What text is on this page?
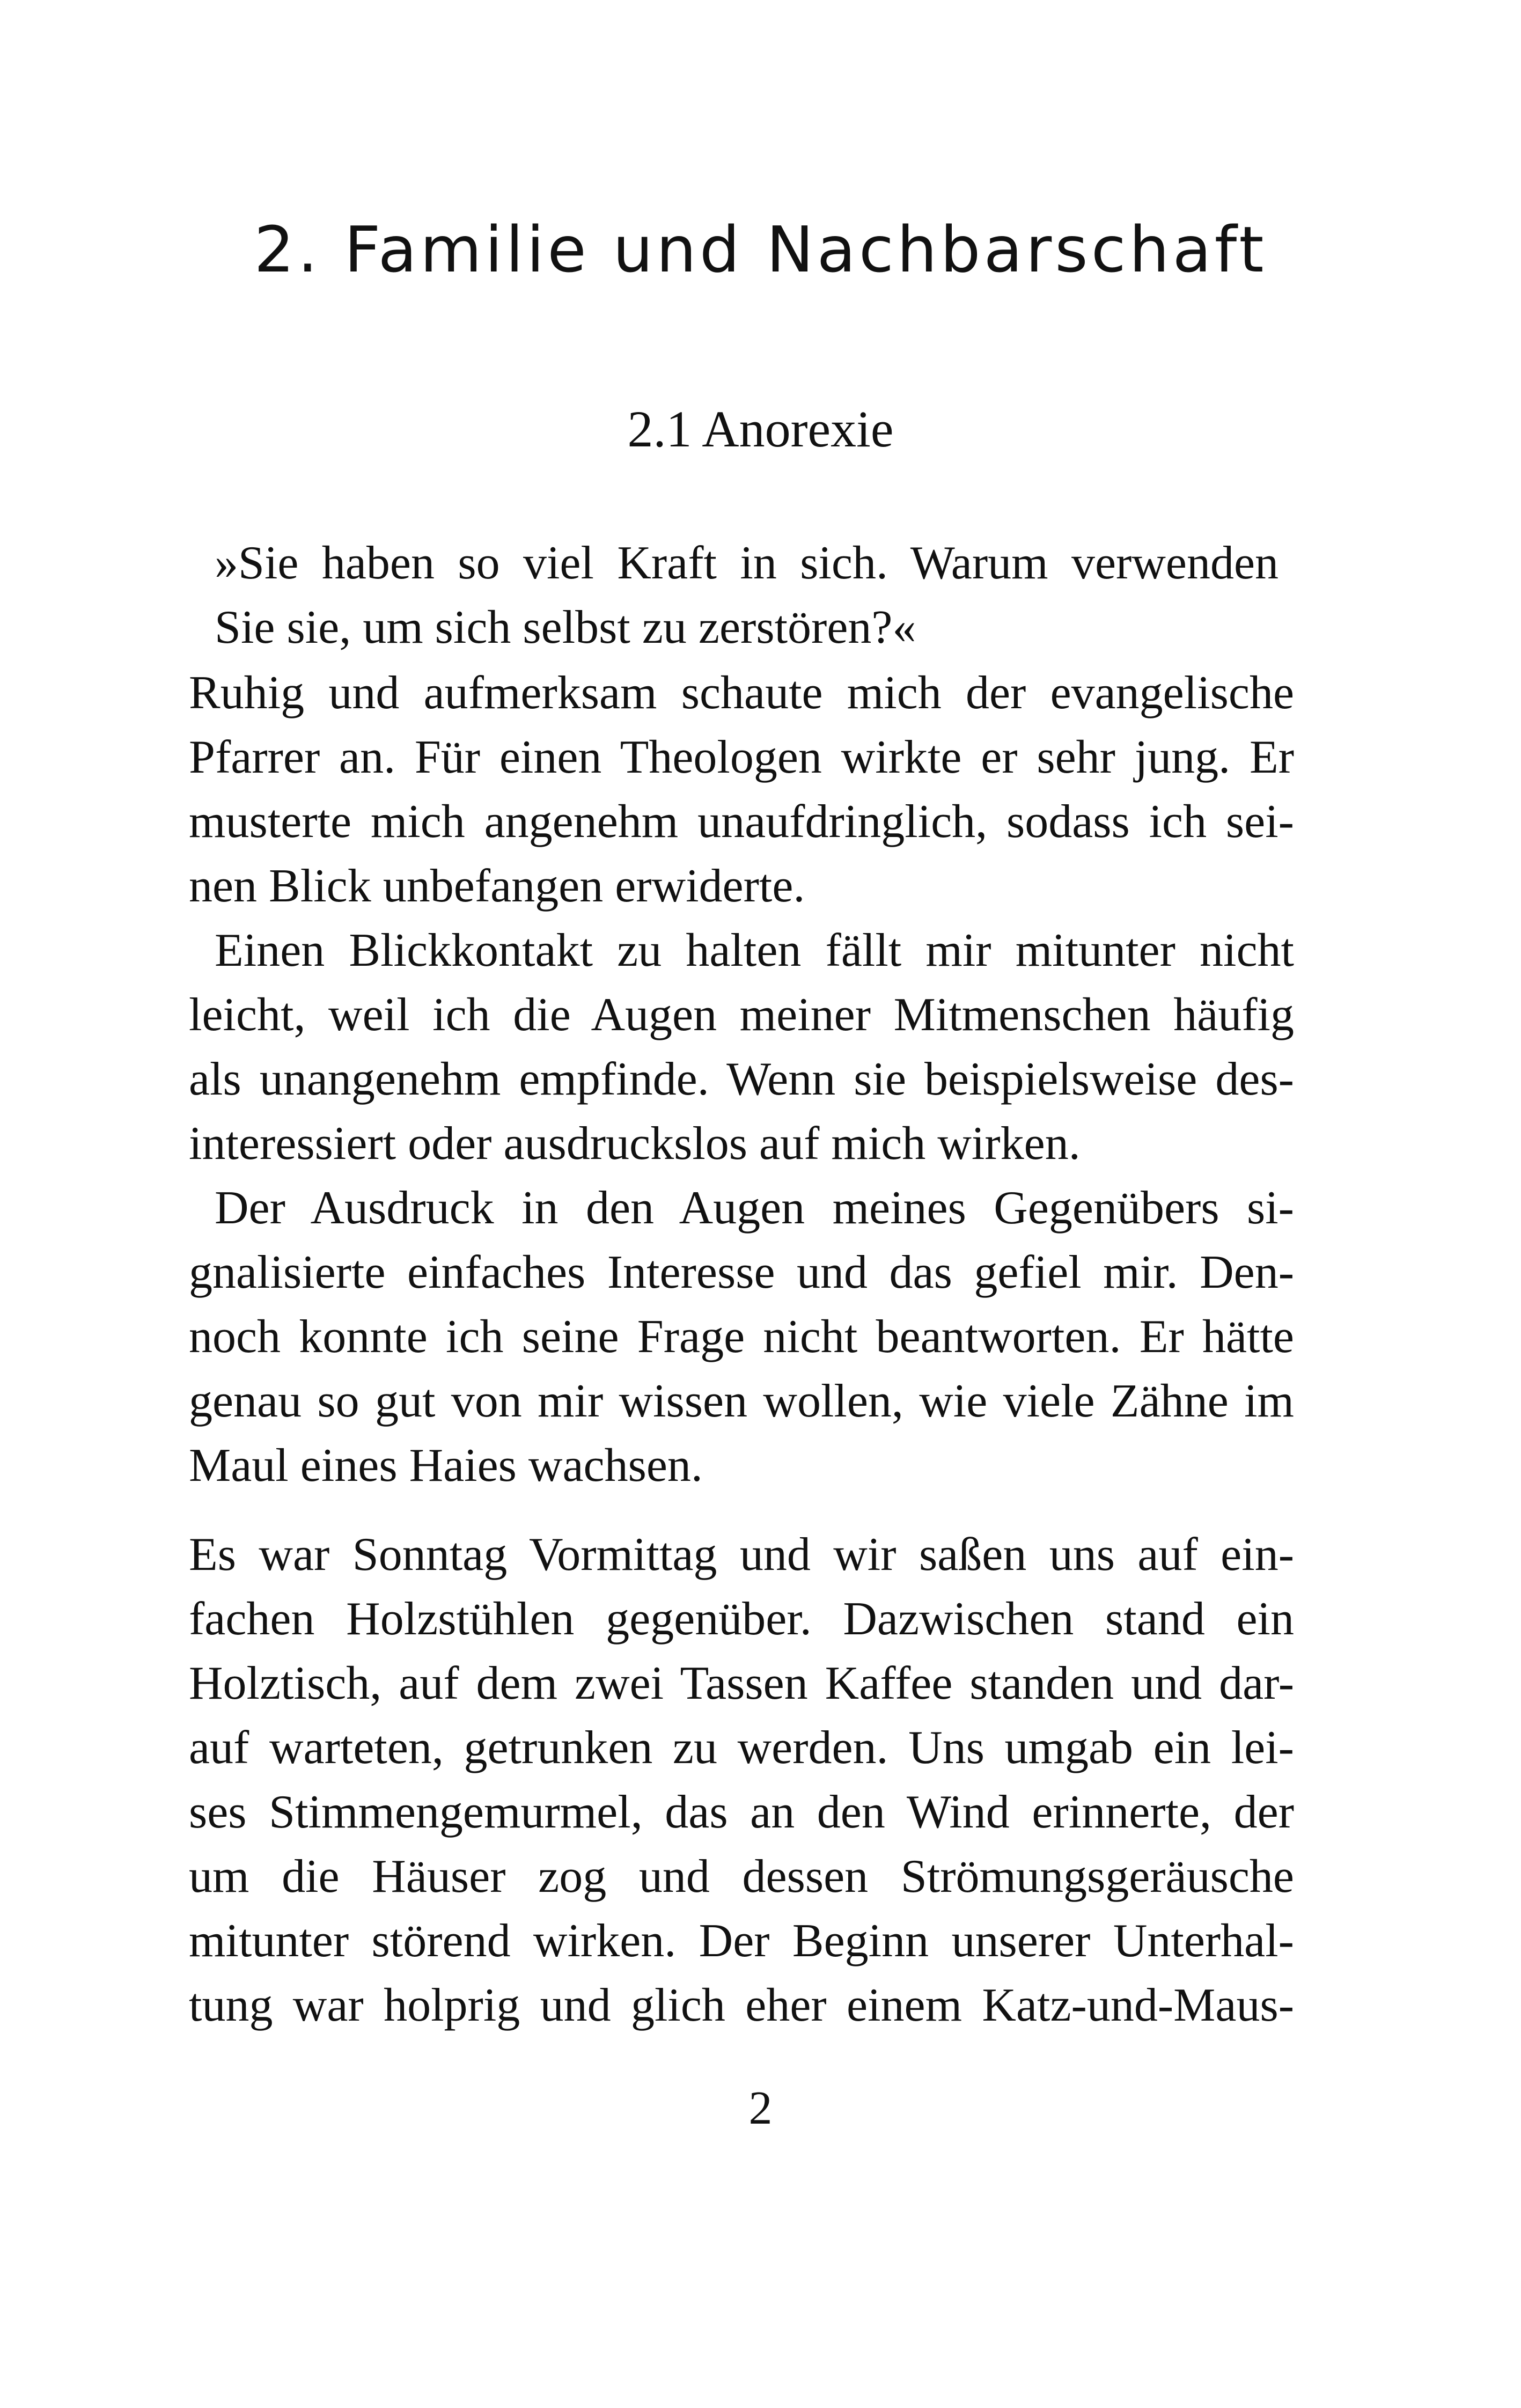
2. Familie und Nachbarschaft
2.1 Anorexie

»Sie haben so viel Kraft in sich. Warum verwenden

Sie sie, um sich selbst zu zerstören?«

Ruhig und aufmerksam schaute mich der evangelische

Pfarrer an. Für einen Theologen wirkte er sehr jung. Er

musterte mich angenehm unaufdringlich, sodass ich sei-

nen Blick unbefangen erwiderte.

Einen Blickkontakt zu halten fällt mir mitunter nicht

leicht, weil ich die Augen meiner Mitmenschen häufig

als unangenehm empfinde. Wenn sie beispielsweise des-

interessiert oder ausdruckslos auf mich wirken.

Der Ausdruck in den Augen meines Gegenübers si-

gnalisierte einfaches Interesse und das gefiel mir. Den-

noch konnte ich seine Frage nicht beantworten. Er hätte

genau so gut von mir wissen wollen, wie viele Zähne im

Maul eines Haies wachsen.

Es war Sonntag Vormittag und wir saßen uns auf ein-

fachen Holzstühlen gegenüber. Dazwischen stand ein

Holztisch, auf dem zwei Tassen Kaffee standen und dar-

auf warteten, getrunken zu werden. Uns umgab ein lei-

ses Stimmengemurmel, das an den Wind erinnerte, der

um die Häuser zog und dessen Strömungsgeräusche

mitunter störend wirken. Der Beginn unserer Unterhal-

tung war holprig und glich eher einem Katz-und-Maus-

2
